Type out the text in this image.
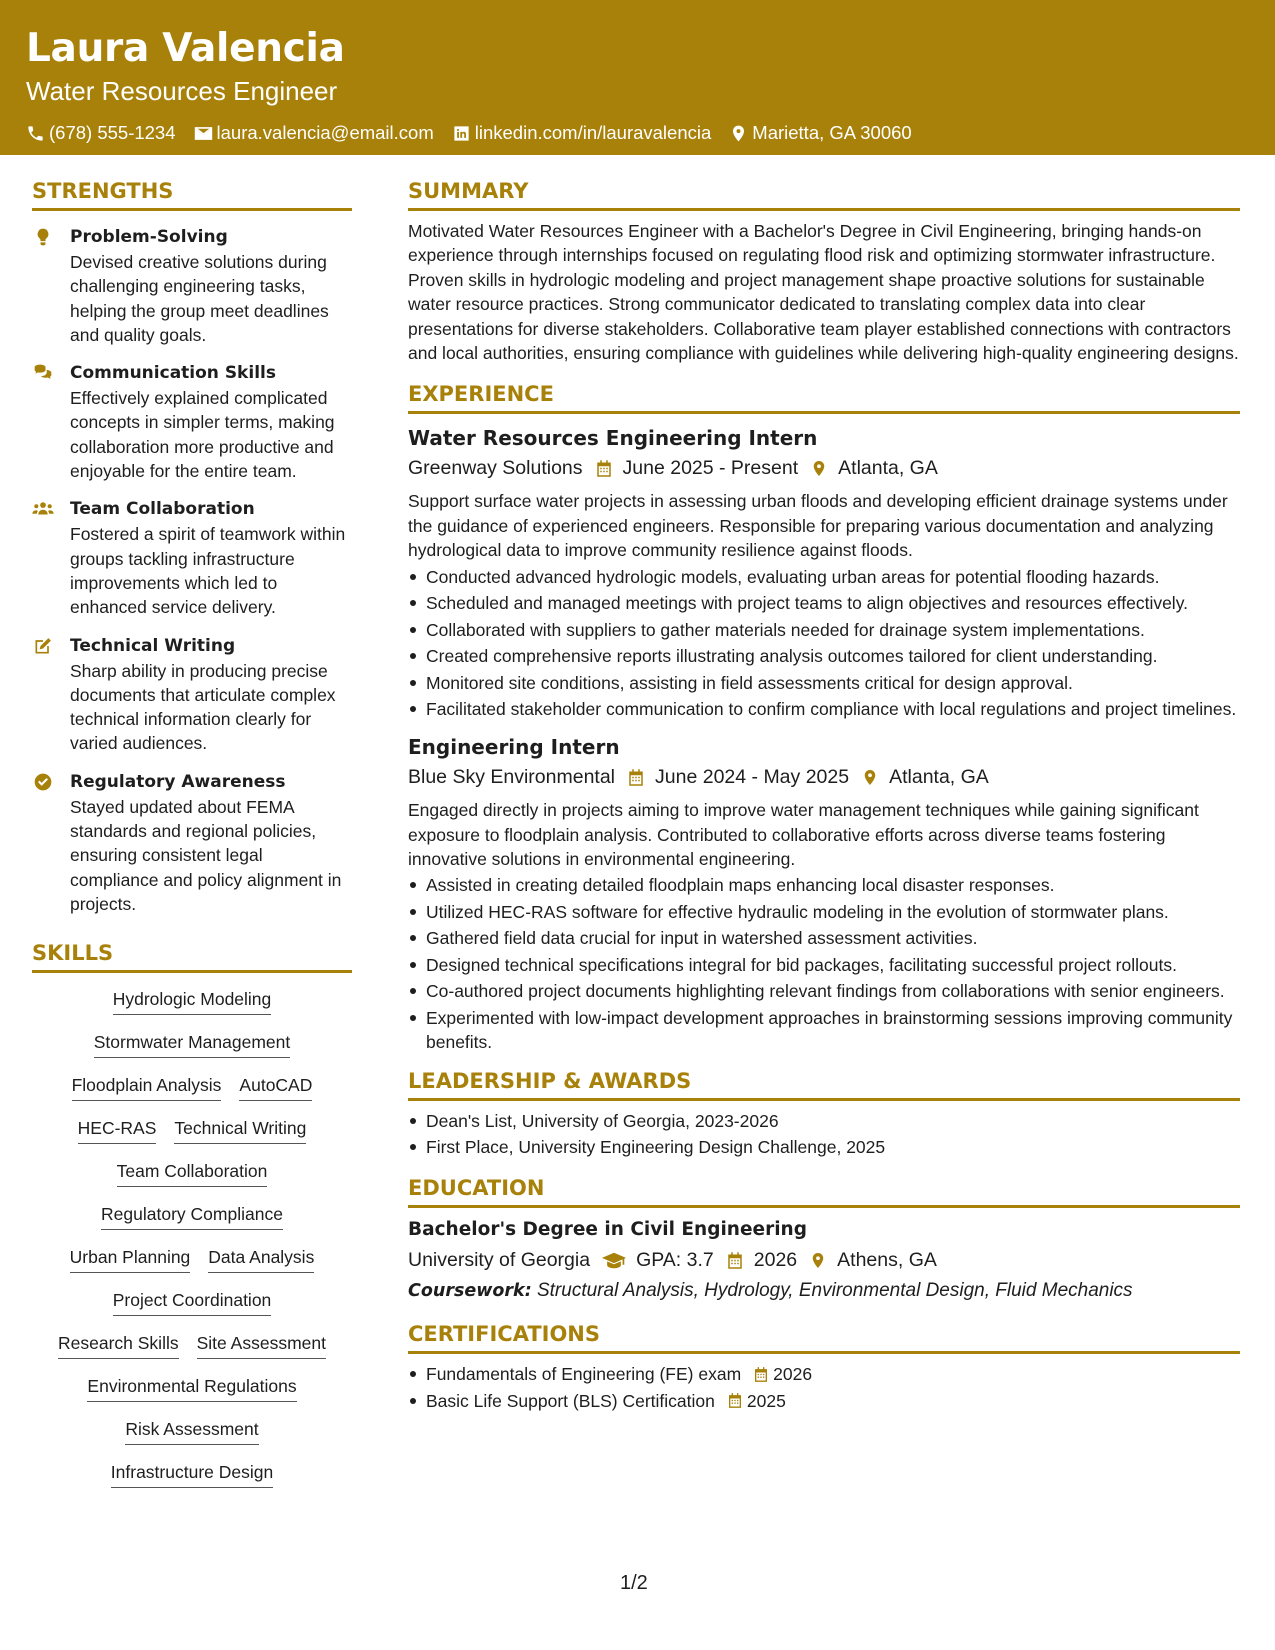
Laura Valencia
Water Resources Engineer
(678) 555-1234 laura.valencia@email.com linkedin.com/in/lauravalencia Marietta, GA 30060
STRENGTHS
Problem-Solving
Devised creative solutions during challenging engineering tasks, helping the group meet deadlines and quality goals.
Communication Skills
Effectively explained complicated concepts in simpler terms, making collaboration more productive and enjoyable for the entire team.
Team Collaboration
Fostered a spirit of teamwork within groups tackling infrastructure improvements which led to enhanced service delivery.
Technical Writing
Sharp ability in producing precise documents that articulate complex technical information clearly for varied audiences.
Regulatory Awareness
Stayed updated about FEMA standards and regional policies, ensuring consistent legal compliance and policy alignment in projects.
SKILLS
Hydrologic Modeling
Stormwater Management
Floodplain Analysis AutoCAD
HEC-RAS Technical Writing
Team Collaboration
Regulatory Compliance
Urban Planning Data Analysis
Project Coordination
Research Skills Site Assessment
Environmental Regulations
Risk Assessment
Infrastructure Design
SUMMARY
Motivated Water Resources Engineer with a Bachelor's Degree in Civil Engineering, bringing hands-on experience through internships focused on regulating flood risk and optimizing stormwater infrastructure. Proven skills in hydrologic modeling and project management shape proactive solutions for sustainable water resource practices. Strong communicator dedicated to translating complex data into clear presentations for diverse stakeholders. Collaborative team player established connections with contractors and local authorities, ensuring compliance with guidelines while delivering high-quality engineering designs.
EXPERIENCE
Water Resources Engineering Intern
Greenway Solutions June 2025 - Present Atlanta, GA
Support surface water projects in assessing urban floods and developing efficient drainage systems under the guidance of experienced engineers. Responsible for preparing various documentation and analyzing hydrological data to improve community resilience against floods.
Conducted advanced hydrologic models, evaluating urban areas for potential flooding hazards.
Scheduled and managed meetings with project teams to align objectives and resources effectively.
Collaborated with suppliers to gather materials needed for drainage system implementations.
Created comprehensive reports illustrating analysis outcomes tailored for client understanding.
Monitored site conditions, assisting in field assessments critical for design approval.
Facilitated stakeholder communication to confirm compliance with local regulations and project timelines.
Engineering Intern
Blue Sky Environmental June 2024 - May 2025 Atlanta, GA
Engaged directly in projects aiming to improve water management techniques while gaining significant exposure to floodplain analysis. Contributed to collaborative efforts across diverse teams fostering innovative solutions in environmental engineering.
Assisted in creating detailed floodplain maps enhancing local disaster responses.
Utilized HEC-RAS software for effective hydraulic modeling in the evolution of stormwater plans.
Gathered field data crucial for input in watershed assessment activities.
Designed technical specifications integral for bid packages, facilitating successful project rollouts.
Co-authored project documents highlighting relevant findings from collaborations with senior engineers.
Experimented with low-impact development approaches in brainstorming sessions improving community benefits.
LEADERSHIP & AWARDS
Dean's List, University of Georgia, 2023-2026
First Place, University Engineering Design Challenge, 2025
EDUCATION
Bachelor's Degree in Civil Engineering
University of Georgia GPA: 3.7 2026 Athens, GA
Coursework: Structural Analysis, Hydrology, Environmental Design, Fluid Mechanics
CERTIFICATIONS
Fundamentals of Engineering (FE) exam 2026
Basic Life Support (BLS) Certification 2025
1/2
